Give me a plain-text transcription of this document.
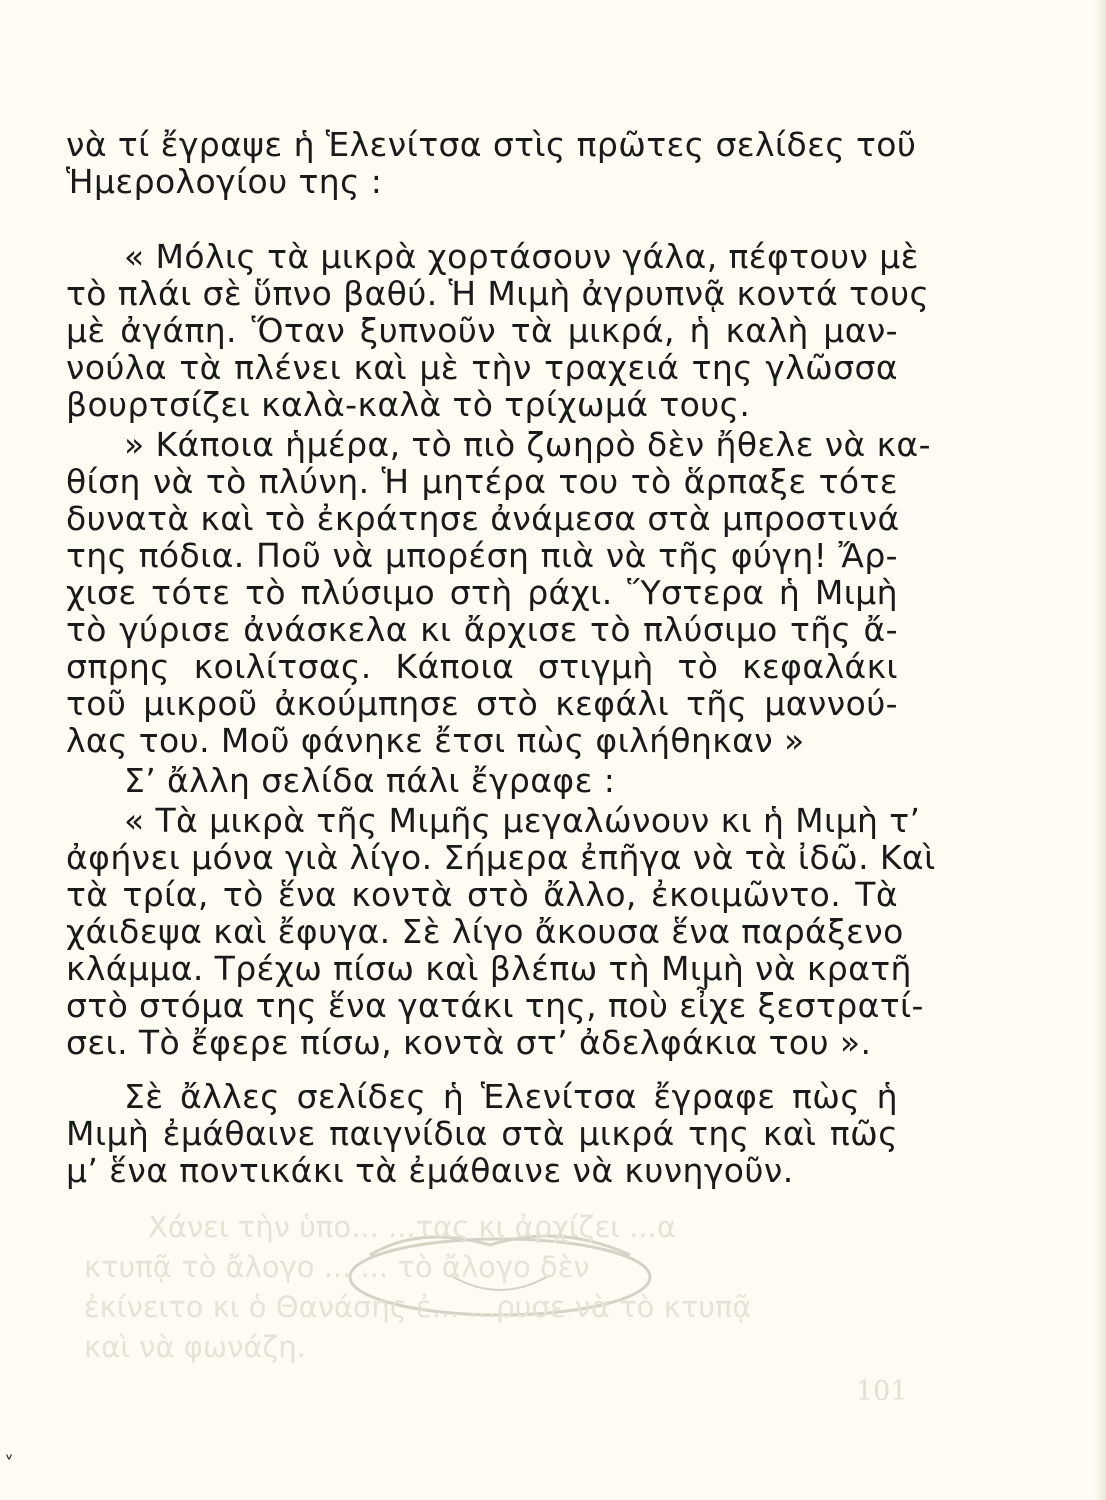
Χάνει τὴν ὑπο... ...τας κι ἀρχίζει ...α
κτυπᾷ τὸ ἄλογο ... ... τὸ ἄλογο δὲν
ἐκίνειτο κι ὁ Θανάσης ἐ... ...ρυσε νὰ τὸ κτυπᾷ
καὶ νὰ φωνάζη.
101
νὰ τί ἔγραψε ἡ Ἑλενίτσα στὶς πρῶτες σελίδες τοῦ
Ἡμερολογίου της :
« Μόλις τὰ μικρὰ χορτάσουν γάλα, πέφτουν μὲ
τὸ πλάι σὲ ὕπνο βαθύ. Ἡ Μιμὴ ἀγρυπνᾷ κοντά τους
μὲ ἀγάπη. Ὅταν ξυπνοῦν τὰ μικρά, ἡ καλὴ μαν-
νούλα τὰ πλένει καὶ μὲ τὴν τραχειά της γλῶσσα
βουρτσίζει καλὰ-καλὰ τὸ τρίχωμά τους.
» Κάποια ἡμέρα, τὸ πιὸ ζωηρὸ δὲν ἤθελε νὰ κα-
θίση νὰ τὸ πλύνη. Ἡ μητέρα του τὸ ἅρπαξε τότε
δυνατὰ καὶ τὸ ἐκράτησε ἀνάμεσα στὰ μπροστινά
της πόδια. Ποῦ νὰ μπορέση πιὰ νὰ τῆς φύγη! Ἄρ-
χισε τότε τὸ πλύσιμο στὴ ράχι. Ὕστερα ἡ Μιμὴ
τὸ γύρισε ἀνάσκελα κι ἄρχισε τὸ πλύσιμο τῆς ἄ-
σπρης κοιλίτσας. Κάποια στιγμὴ τὸ κεφαλάκι
τοῦ μικροῦ ἀκούμπησε στὸ κεφάλι τῆς μαννού-
λας του. Μοῦ φάνηκε ἔτσι πὼς φιλήθηκαν »
Σ’ ἄλλη σελίδα πάλι ἔγραφε :
« Τὰ μικρὰ τῆς Μιμῆς μεγαλώνουν κι ἡ Μιμὴ τ’
ἀφήνει μόνα γιὰ λίγο. Σήμερα ἐπῆγα νὰ τὰ ἰδῶ. Καὶ
τὰ τρία, τὸ ἕνα κοντὰ στὸ ἄλλο, ἐκοιμῶντο. Τὰ
χάιδεψα καὶ ἔφυγα. Σὲ λίγο ἄκουσα ἕνα παράξενο
κλάμμα. Τρέχω πίσω καὶ βλέπω τὴ Μιμὴ νὰ κρατῆ
στὸ στόμα της ἕνα γατάκι της, ποὺ εἶχε ξεστρατί-
σει. Τὸ ἔφερε πίσω, κοντὰ στ’ ἀδελφάκια του ».
Σὲ ἄλλες σελίδες ἡ Ἑλενίτσα ἔγραφε πὼς ἡ
Μιμὴ ἐμάθαινε παιγνίδια στὰ μικρά της καὶ πῶς
μ’ ἕνα ποντικάκι τὰ ἐμάθαινε νὰ κυνηγοῦν.
˅
